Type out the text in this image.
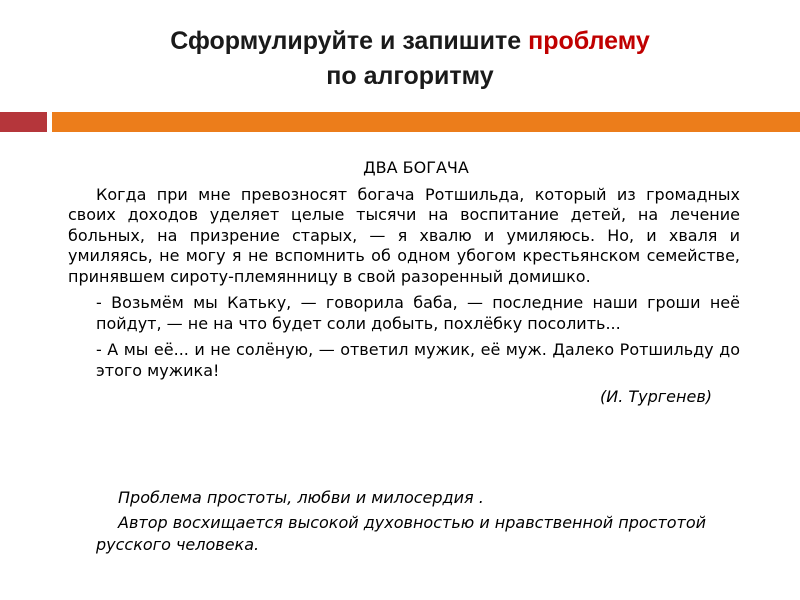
Сформулируйте и запишите проблему
по алгоритму
ДВА БОГАЧА

Когда при мне превозносят богача Ротшильда, который из громадных своих доходов уделяет целые тысячи на воспитание детей, на лечение больных, на призрение старых, — я хвалю и умиляюсь. Но, и хваля и умиляясь, не могу я не вспомнить об одном убогом крестьянском семействе, принявшем сироту-племянницу в свой разоренный домишко.

- Возьмём мы Катьку, — говорила баба, — последние наши гроши неё пойдут, — не на что будет соли добыть, похлёбку посолить...

- А мы её... и не солёную, — ответил мужик, её муж. Далеко Ротшильду до этого мужика!

(И. Тургенев)

Проблема простоты, любви и милосердия .

Автор восхищается высокой духовностью и нравственной простотой русского человека.
